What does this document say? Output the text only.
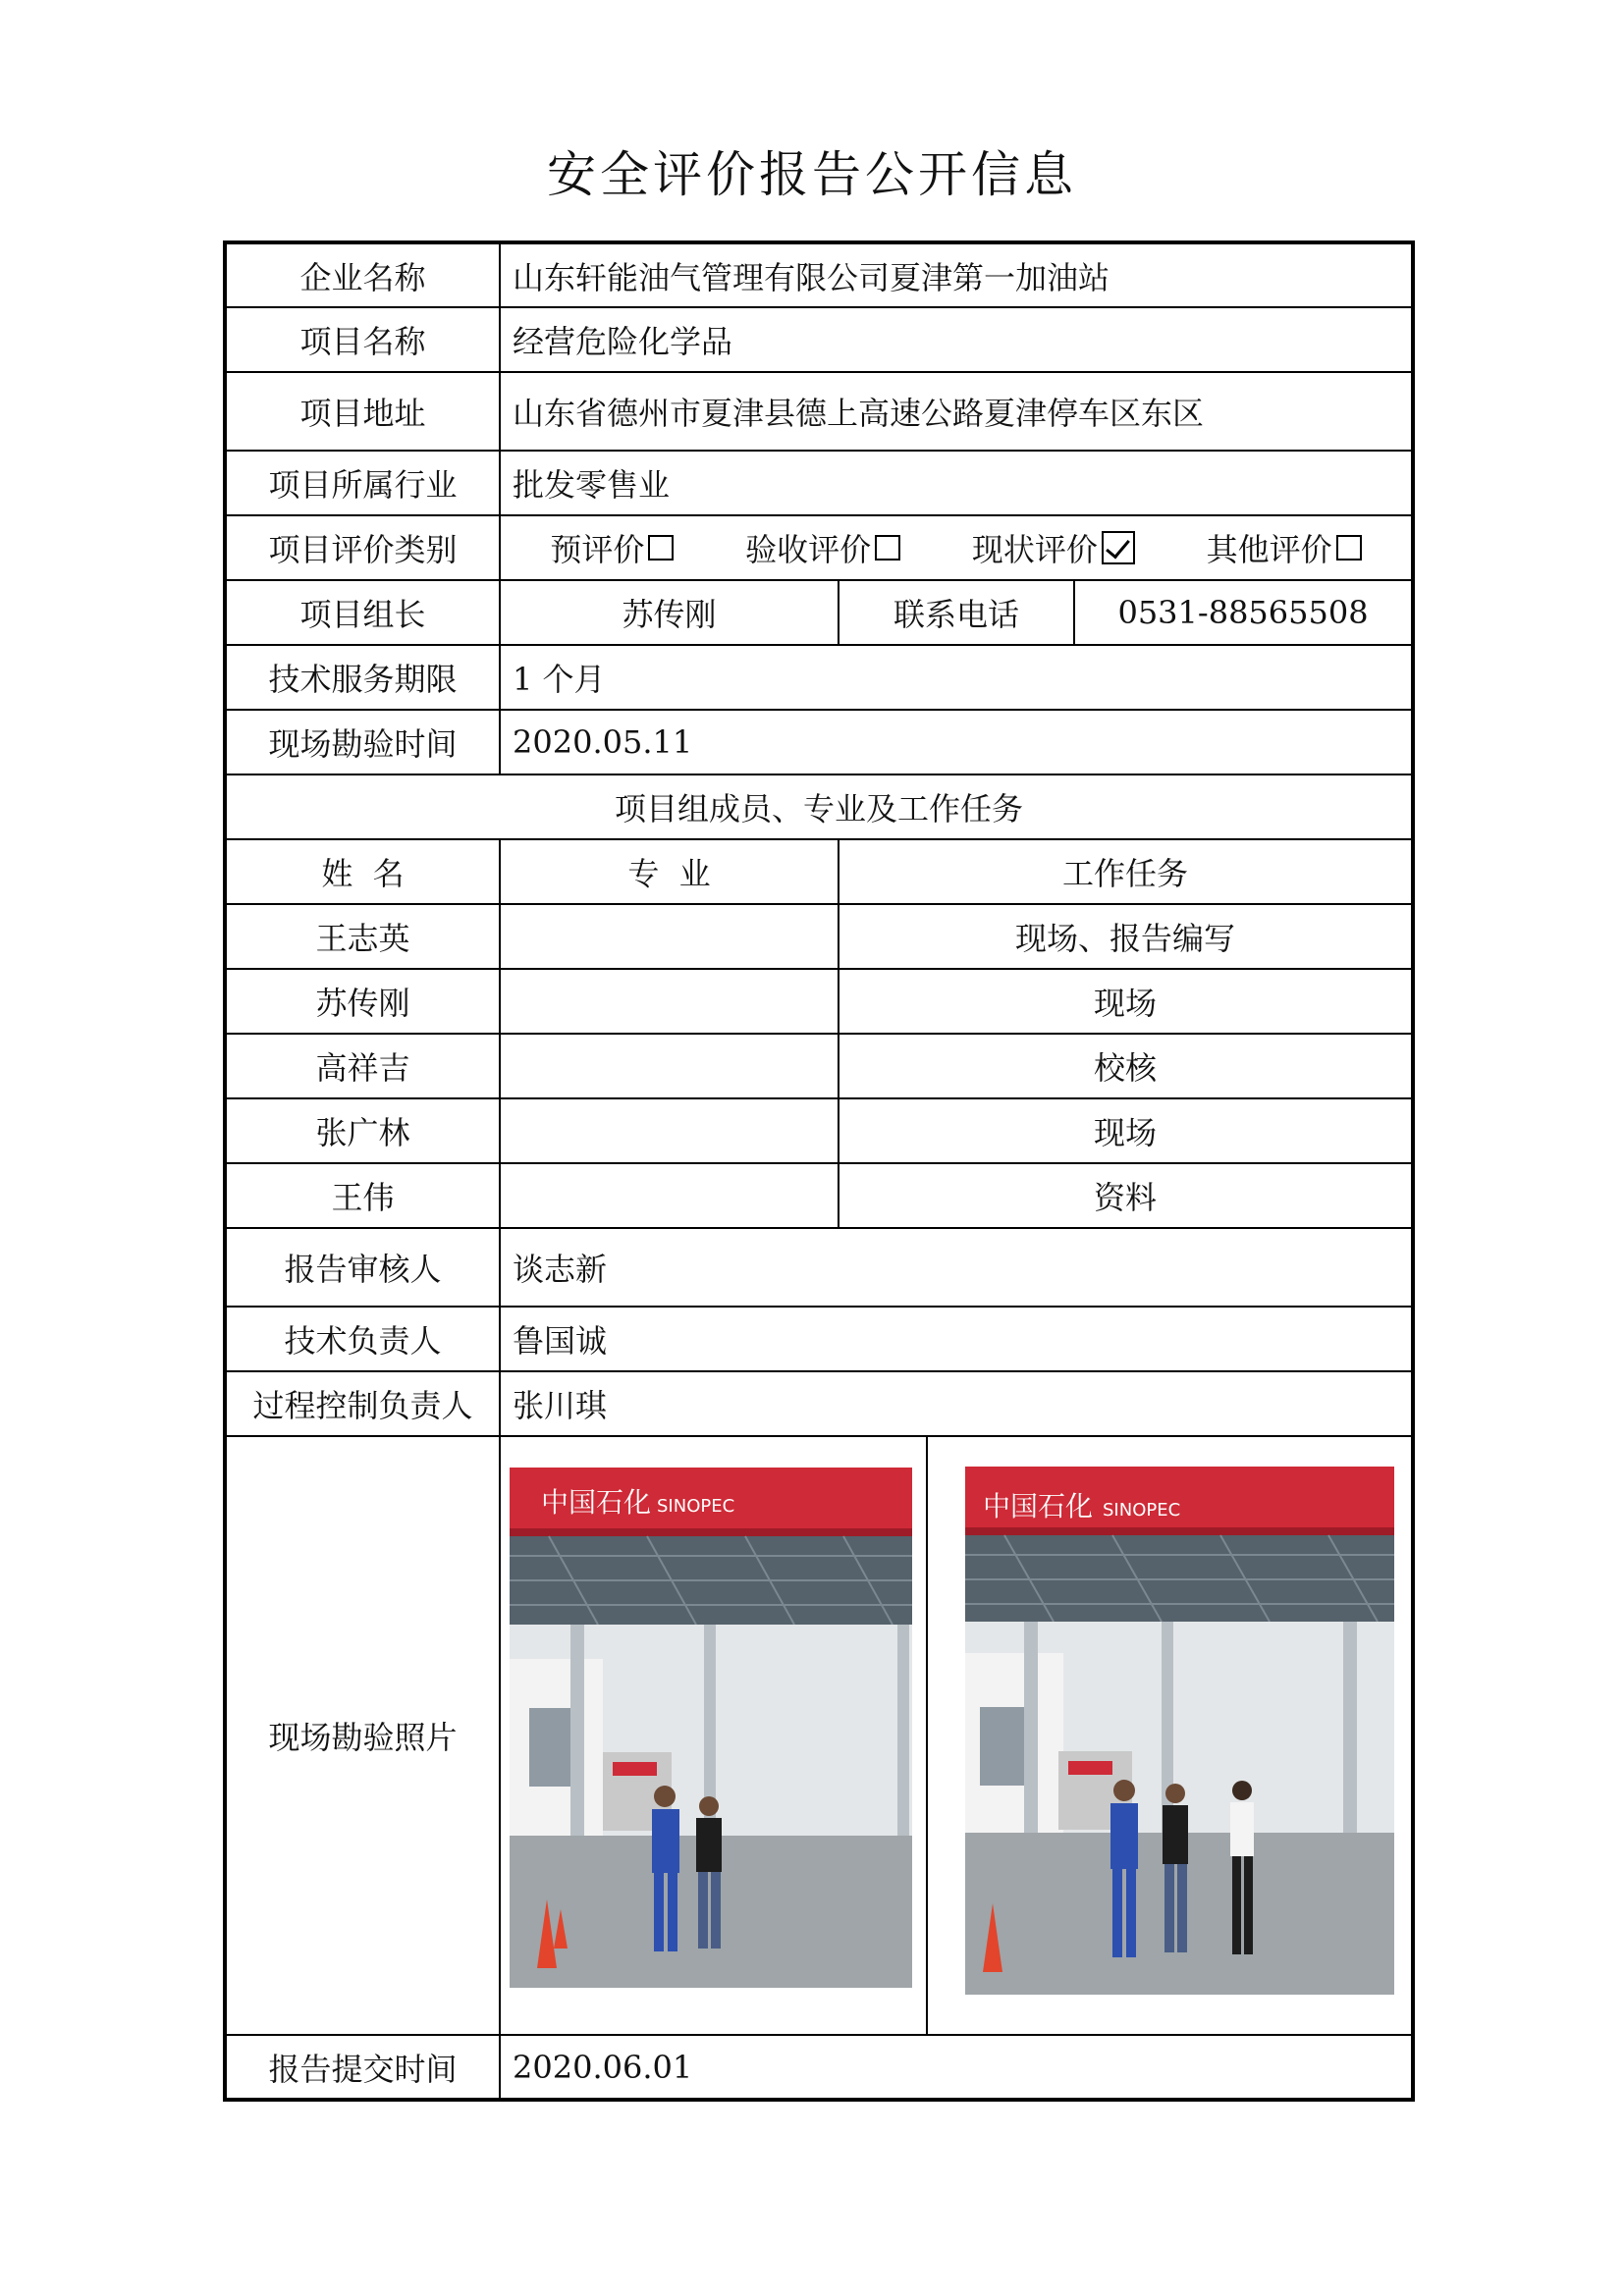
安全评价报告公开信息
企业名称	山东轩能油气管理有限公司夏津第一加油站			
项目名称	经营危险化学品			
项目地址	山东省德州市夏津县德上高速公路夏津停车区东区			
项目所属行业	批发零售业			
项目评价类别	预评价 验收评价 现状评价 其他评价			

项目组长	苏传刚	联系电话		0531-88565508
技术服务期限	1 个月			
现场勘验时间	2020.05.11			
项目组成员、专业及工作任务				
姓  名	专  业	工作任务		
王志英		现场、报告编写		
苏传刚		现场		
高祥吉		校核		
张广林		现场		
王伟		资料		
报告审核人	谈志新			
技术负责人	鲁国诚			
过程控制负责人	张川琪			
现场勘验照片				
报告提交时间	2020.06.01			
中国石化 SINOPEC	中国石化 SINOPEC
